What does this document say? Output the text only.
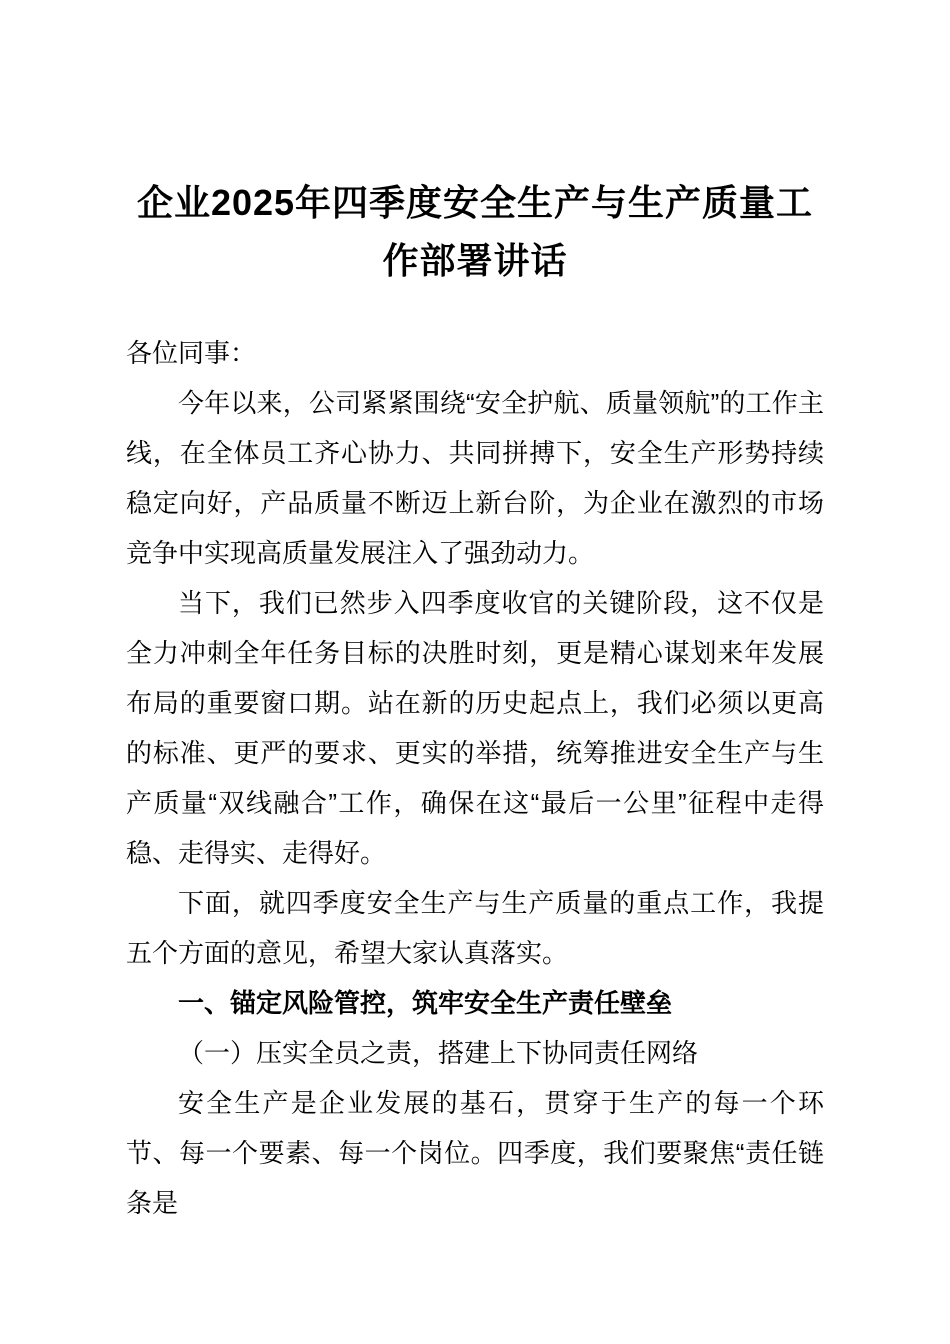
企业2025年四季度安全生产与生产质量工作部署讲话

各位同事：

今年以来，公司紧紧围绕“安全护航、质量领航”的工作主线，在全体员工齐心协力、共同拼搏下，安全生产形势持续稳定向好，产品质量不断迈上新台阶，为企业在激烈的市场竞争中实现高质量发展注入了强劲动力。

当下，我们已然步入四季度收官的关键阶段，这不仅是全力冲刺全年任务目标的决胜时刻，更是精心谋划来年发展布局的重要窗口期。站在新的历史起点上，我们必须以更高的标准、更严的要求、更实的举措，统筹推进安全生产与生产质量“双线融合”工作，确保在这“最后一公里”征程中走得稳、走得实、走得好。

下面，就四季度安全生产与生产质量的重点工作，我提五个方面的意见，希望大家认真落实。

一、锚定风险管控，筑牢安全生产责任壁垒

（一）压实全员之责，搭建上下协同责任网络

安全生产是企业发展的基石，贯穿于生产的每一个环节、每一个要素、每一个岗位。四季度，我们要聚焦“责任链条是
